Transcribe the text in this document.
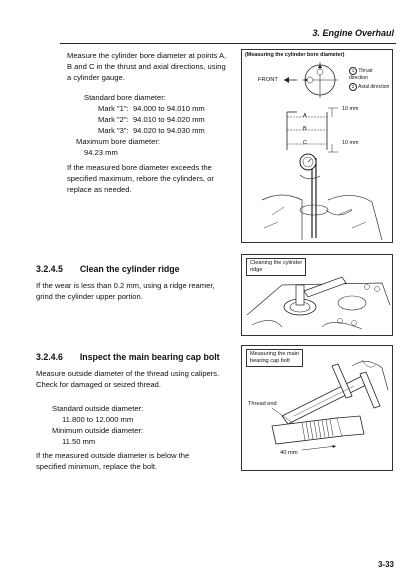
3. Engine Overhaul
Measure the cylinder bore diameter at points A,
B and C in the thrust and axial directions, using
a cylinder gauge.
Standard bore diameter:
Mark "1": 94.000 to 94.010 mm
Mark "2": 94.010 to 94.020 mm
Mark "3": 94.020 to 94.030 mm
Maximum bore diameter:
94.23 mm
If the measured bore diameter exceeds the
specified maximum, rebore the cylinders, or
replace as needed.
(Measuring the cylinder bore diameter)
FRONT
1 Thrust direction
2 Axial direction
A
B
C
10 mm
10 mm
3.2.4.5 Clean the cylinder ridge
If the wear is less than 0.2 mm, using a ridge reamer,
grind the cylinder upper portion.
Cleaning the cylinder
ridge
3.2.4.6 Inspect the main bearing cap bolt
Measure outside diameter of the thread using calipers.
Check for damaged or seized thread.
Standard outside diameter:
11.800 to 12.000 mm
Minimum outside diameter:
11.50 mm
If the measured outside diameter is below the
specified minimum, replace the bolt.
Measuring the main
bearing cap bolt
Thread end
40 mm
3-33
